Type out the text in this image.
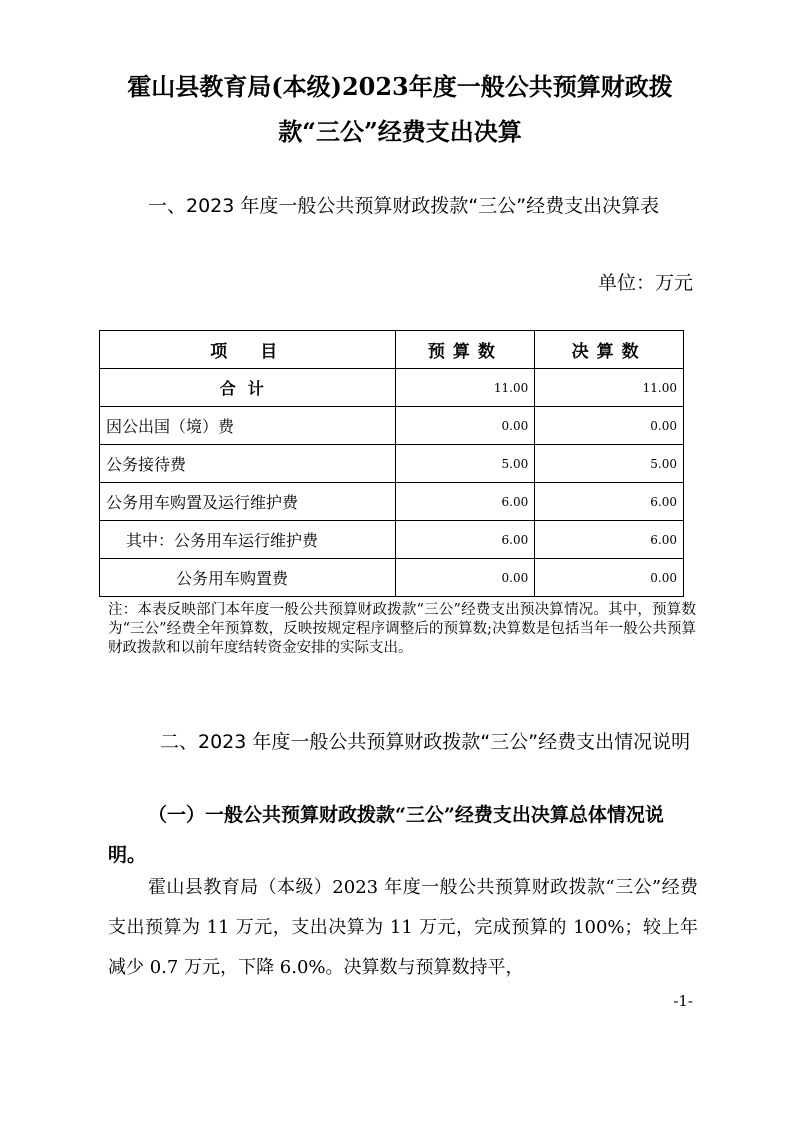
霍山县教育局(本级)2023年度一般公共预算财政拨款“三公”经费支出决算
一、2023 年度一般公共预算财政拨款“三公”经费支出决算表
单位：万元
项　目	预算数	决算数
合计	11.00	11.00
因公出国（境）费	0.00	0.00
公务接待费	5.00	5.00
公务用车购置及运行维护费	6.00	6.00
其中：公务用车运行维护费	6.00	6.00
公务用车购置费	0.00	0.00
注：本表反映部门本年度一般公共预算财政拨款“三公”经费支出预决算情况。其中，预算数为“三公”经费全年预算数，反映按规定程序调整后的预算数;决算数是包括当年一般公共预算财政拨款和以前年度结转资金安排的实际支出。
二、2023 年度一般公共预算财政拨款“三公”经费支出情况说明
（一）一般公共预算财政拨款“三公”经费支出决算总体情况说明。
霍山县教育局（本级）2023 年度一般公共预算财政拨款“三公”经费支出预算为 11 万元，支出决算为 11 万元，完成预算的 100%；较上年减少 0.7 万元，下降 6.0%。决算数与预算数持平，
-1-
